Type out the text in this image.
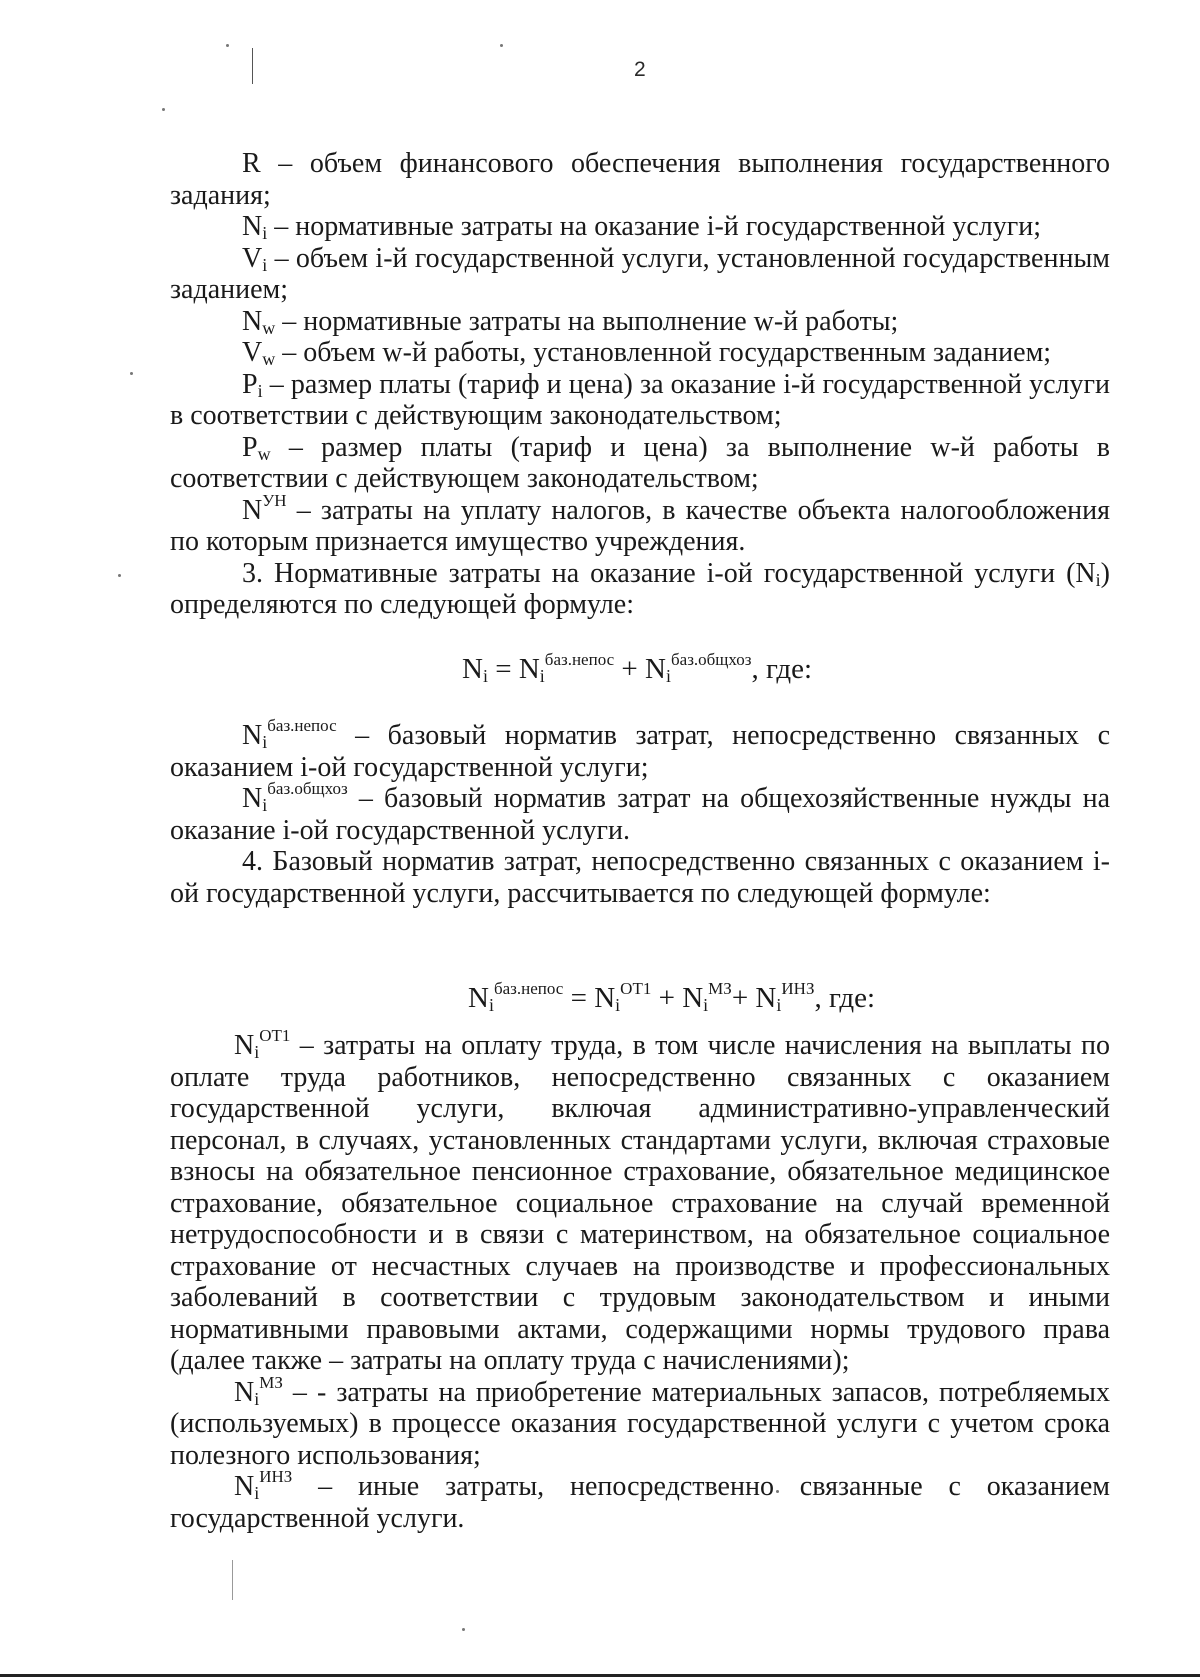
2

R – объем финансового обеспечения выполнения государственного задания;

$N_i$ – нормативные затраты на оказание i-й государственной услуги;

$V_i$ – объем i-й государственной услуги, установленной государственным заданием;

$N_w$ – нормативные затраты на выполнение w-й работы;

$V_w$ – объем w-й работы, установленной государственным заданием;

$P_i$ – размер платы (тариф и цена) за оказание i-й государственной услуги в соответствии с действующим законодательством;

$P_w$ – размер платы (тариф и цена) за выполнение w-й работы в соответствии с действующем законодательством;

$N^{УН}$ – затраты на уплату налогов, в качестве объекта налогообложения по которым признается имущество учреждения.

3. Нормативные затраты на оказание i-ой государственной услуги $(N_i)$ определяются по следующей формуле:

$N_i = N_i^{баз.непос} + N_i^{баз.общхоз}$, где:

$N_i^{баз.непос}$ – базовый норматив затрат, непосредственно связанных с оказанием i-ой государственной услуги;

$N_i^{баз.общхоз}$ – базовый норматив затрат на общехозяйственные нужды на оказание i-ой государственной услуги.

4. Базовый норматив затрат, непосредственно связанных с оказанием i-ой государственной услуги, рассчитывается по следующей формуле:

$N_i^{баз.непос} = N_i^{ОТ1} + N_i^{МЗ}+ N_i^{ИНЗ}$, где:

$N_i^{ОТ1}$ – затраты на оплату труда, в том числе начисления на выплаты по оплате труда работников, непосредственно связанных с оказанием государственной услуги, включая административно-управленческий персонал, в случаях, установленных стандартами услуги, включая страховые взносы на обязательное пенсионное страхование, обязательное медицинское страхование, обязательное социальное страхование на случай временной нетрудоспособности и в связи с материнством, на обязательное социальное страхование от несчастных случаев на производстве и профессиональных заболеваний в соответствии с трудовым законодательством и иными нормативными правовыми актами, содержащими нормы трудового права (далее также – затраты на оплату труда с начислениями);

$N_i^{МЗ}$ – - затраты на приобретение материальных запасов, потребляемых (используемых) в процессе оказания государственной услуги с учетом срока полезного использования;

$N_i^{ИНЗ}$ – иные затраты, непосредственно связанные с оказанием государственной услуги.
